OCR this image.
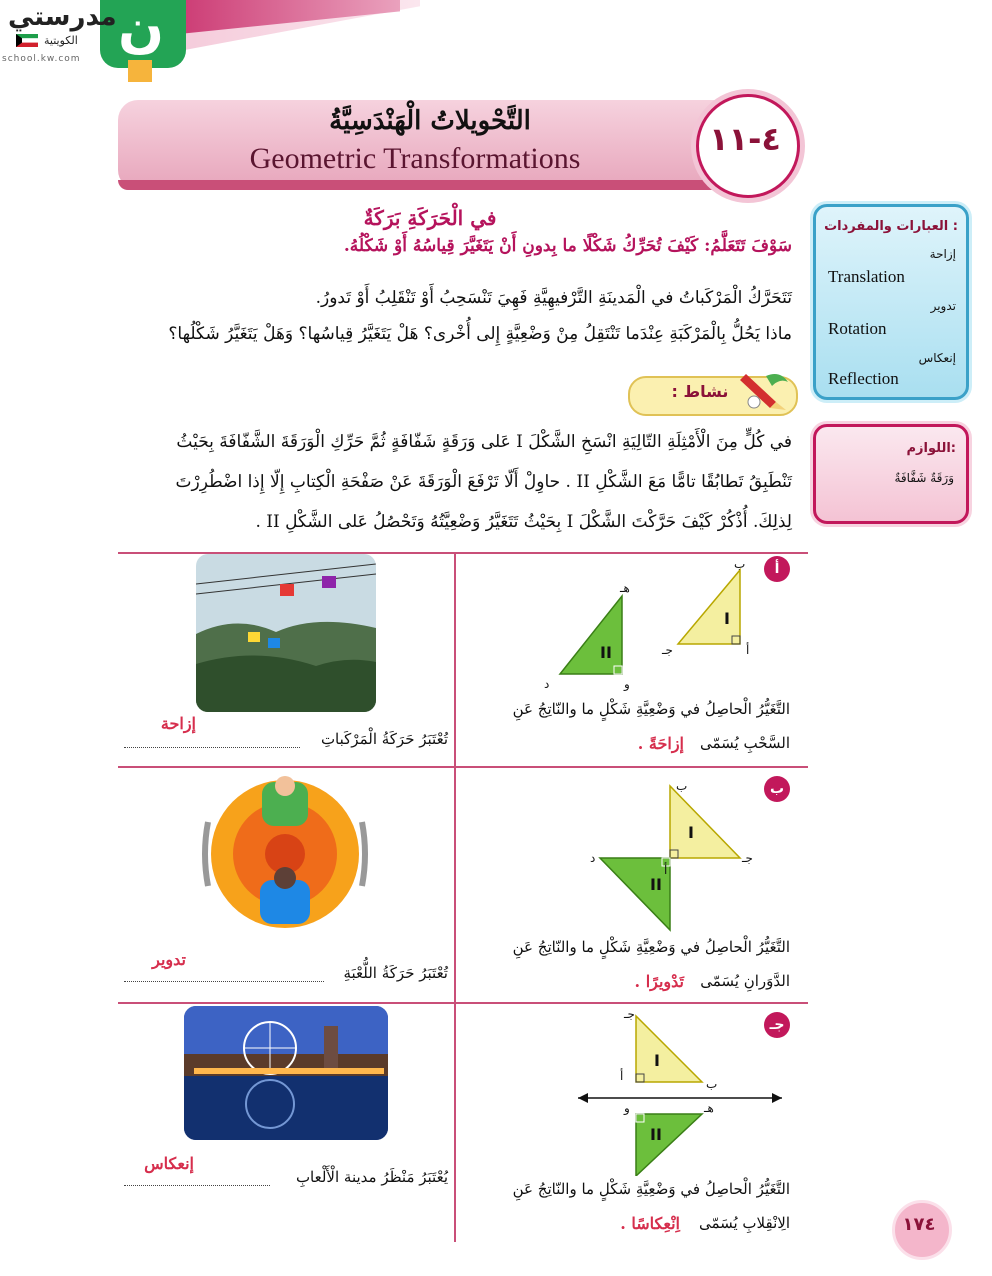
ن
مدرستي
الكويتية
school.kw.com
التَّحْويلاتُ الْهَنْدَسِيَّةُ
Geometric Transformations
٤-١١
العبارات والمفردات :
إزاحة
Translation
تدوير
Rotation
إنعكاس
Reflection
اللوازم:
وَرَقَةٌ شَفَّافَةٌ
في الْحَرَكَةِ بَرَكَةٌ
سَوْفَ تَتَعَلَّمُ: كَيْفَ تُحَرِّكُ شَكْلًا ما بِدونِ أَنْ يَتَغَيَّرَ قِياسُهُ أَوْ شَكْلُهُ.
تَتَحَرَّكُ الْمَرْكَباتُ في الْمَدينَةِ التَّرْفيهِيَّةِ فَهِيَ تَنْسَحِبُ أَوْ تَنْقَلِبُ أَوْ تَدورُ.
ماذا يَحُلُّ بِالْمَرْكَبَةِ عِنْدَما تَنْتَقِلُ مِنْ وَضْعِيَّةٍ إِلى أُخْرى؟ هَلْ يَتَغَيَّرُ قِياسُها؟ وَهَلْ يَتَغَيَّرُ شَكْلُها؟
نشاط :
في كُلٍّ مِنَ الْأَمْثِلَةِ التّالِيَةِ انْسَخِ الشَّكْلَ I عَلى وَرَقَةٍ شَفّافَةٍ ثُمَّ حَرِّكِ الْوَرَقَةَ الشَّفّافَةَ بِحَيْثُ
تَنْطَبِقُ تَطابُقًا تامًّا مَعَ الشَّكْلِ II . حاوِلْ أَلّا تَرْفَعَ الْوَرَقَةَ عَنْ صَفْحَةِ الْكِتابِ إِلّا إِذا اضْطُرِرْتَ
لِذلِكَ. أُذْكُرْ كَيْفَ حَرَّكْتَ الشَّكْلَ I بِحَيْثُ تَتَغَيَّرُ وَضْعِيَّتُهُ وَتَحْصُلُ عَلى الشَّكْلِ II .
أ
I
II
ب
أ
جـ
هـ
و
د
التَّغَيُّرُ الْحاصِلُ في وَضْعِيَّةِ شَكْلٍ ما والنّاتِجُ عَنِ
السَّحْبِ يُسَمّى
إزاحَةً .
إزاحة
تُعْتَبَرُ حَرَكَةُ الْمَرْكَباتِ
ب
I
II
ب
جـ
أ
د
التَّغَيُّرُ الْحاصِلُ في وَضْعِيَّةِ شَكْلٍ ما والنّاتِجُ عَنِ
الدَّوَرانِ يُسَمّى
تَدْويرًا .
تدوير
تُعْتَبَرُ حَرَكَةُ اللُّعْبَةِ
جـ
I
II
جـ
أ
ب
و	هـ
التَّغَيُّرُ الْحاصِلُ في وَضْعِيَّةِ شَكْلٍ ما والنّاتِجُ عَنِ
الِانْقِلابِ يُسَمّى
اِنْعِكاسًا .
إنعكاس
يُعْتَبَرُ مَنْظَرُ مدينة الْأَلْعابِ
١٧٤
